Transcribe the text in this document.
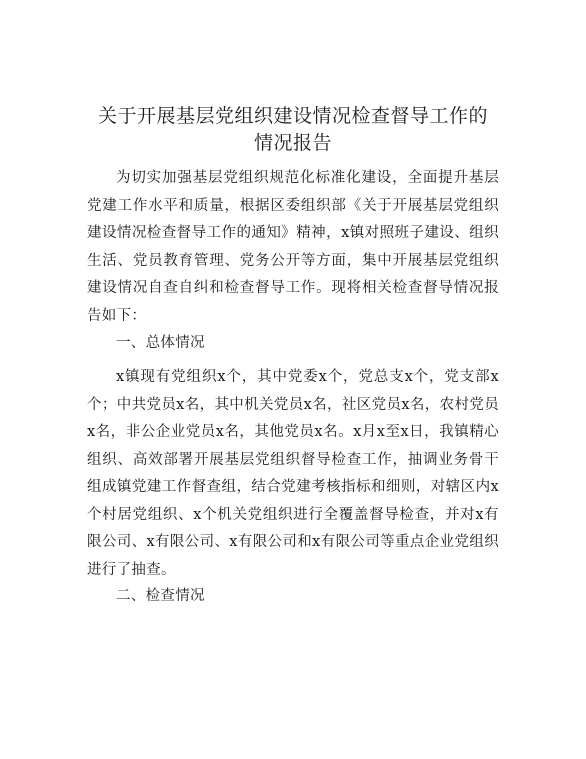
关于开展基层党组织建设情况检查督导工作的
情况报告

为切实加强基层党组织规范化标准化建设，全面提升基层党建工作水平和质量，根据区委组织部《关于开展基层党组织建设情况检查督导工作的通知》精神，x镇对照班子建设、组织生活、党员教育管理、党务公开等方面，集中开展基层党组织建设情况自查自纠和检查督导工作。现将相关检查督导情况报告如下：

一、总体情况

x镇现有党组织x个，其中党委x个，党总支x个，党支部x个；中共党员x名，其中机关党员x名，社区党员x名，农村党员x名，非公企业党员x名，其他党员x名。x月x至x日，我镇精心组织、高效部署开展基层党组织督导检查工作，抽调业务骨干组成镇党建工作督查组，结合党建考核指标和细则，对辖区内x个村居党组织、x个机关党组织进行全覆盖督导检查，并对x有限公司、x有限公司、x有限公司和x有限公司等重点企业党组织进行了抽查。

二、检查情况
